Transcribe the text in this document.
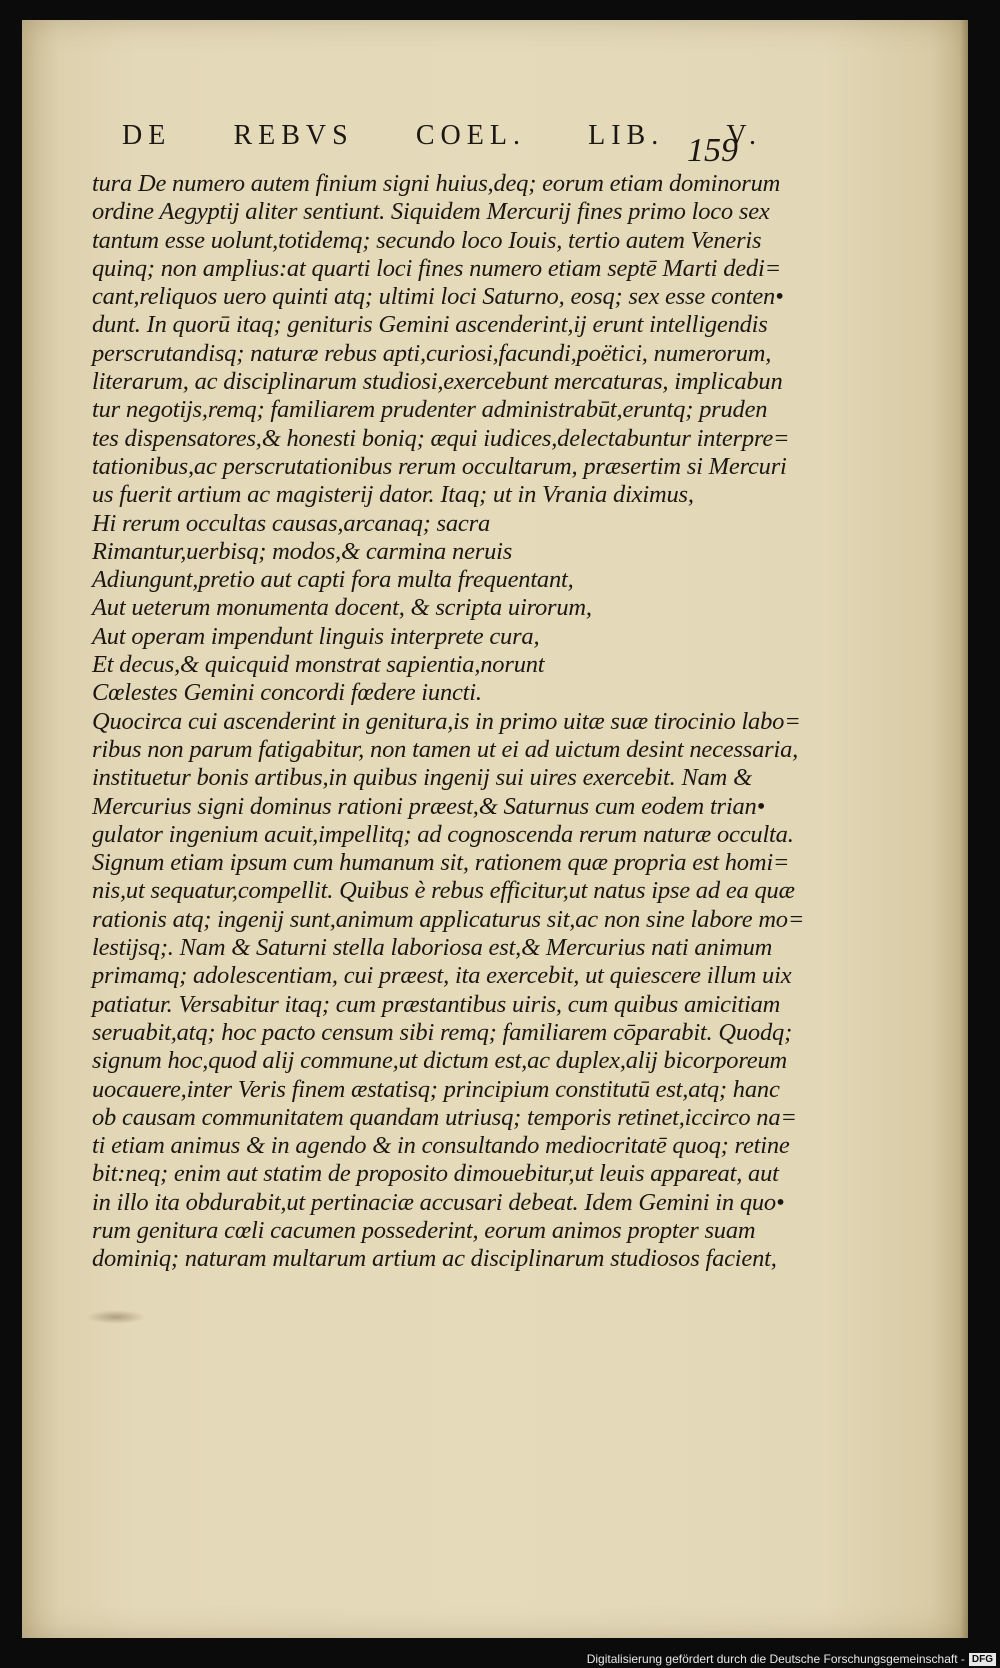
DE REBVS COEL. LIB. V.
159
tura De numero autem finium signi huius,deq; eorum etiam dominorum
ordine Aegyptij aliter sentiunt. Siquidem Mercurij fines primo loco sex
tantum esse uolunt,totidemq; secundo loco Iouis, tertio autem Veneris
quinq; non amplius:at quarti loci fines numero etiam septē Marti dedi=
cant,reliquos uero quinti atq; ultimi loci Saturno, eosq; sex esse conten•
dunt. In quorū itaq; genituris Gemini ascenderint,ij erunt intelligendis
perscrutandisq; naturæ rebus apti,curiosi,facundi,poëtici, numerorum,
literarum, ac disciplinarum studiosi,exercebunt mercaturas, implicabun
tur negotijs,remq; familiarem prudenter administrabūt,eruntq; pruden
tes dispensatores,& honesti boniq; æqui iudices,delectabuntur interpre=
tationibus,ac perscrutationibus rerum occultarum, præsertim si Mercuri
us fuerit artium ac magisterij dator. Itaq; ut in Vrania diximus,
Hi rerum occultas causas,arcanaq; sacra
Rimantur,uerbisq; modos,& carmina neruis
Adiungunt,pretio aut capti fora multa frequentant,
Aut ueterum monumenta docent, & scripta uirorum,
Aut operam impendunt linguis interprete cura,
Et decus,& quicquid monstrat sapientia,norunt
Cœlestes Gemini concordi fœdere iuncti.
Quocirca cui ascenderint in genitura,is in primo uitæ suæ tirocinio labo=
ribus non parum fatigabitur, non tamen ut ei ad uictum desint necessaria,
instituetur bonis artibus,in quibus ingenij sui uires exercebit. Nam &
Mercurius signi dominus rationi præest,& Saturnus cum eodem trian•
gulator ingenium acuit,impellitq; ad cognoscenda rerum naturæ occulta.
Signum etiam ipsum cum humanum sit, rationem quæ propria est homi=
nis,ut sequatur,compellit. Quibus è rebus efficitur,ut natus ipse ad ea quæ
rationis atq; ingenij sunt,animum applicaturus sit,ac non sine labore mo=
lestijsq;. Nam & Saturni stella laboriosa est,& Mercurius nati animum
primamq; adolescentiam, cui præest, ita exercebit, ut quiescere illum uix
patiatur. Versabitur itaq; cum præstantibus uiris, cum quibus amicitiam
seruabit,atq; hoc pacto censum sibi remq; familiarem cōparabit. Quodq;
signum hoc,quod alij commune,ut dictum est,ac duplex,alij bicorporeum
uocauere,inter Veris finem æstatisq; principium constitutū est,atq; hanc
ob causam communitatem quandam utriusq; temporis retinet,iccirco na=
ti etiam animus & in agendo & in consultando mediocritatē quoq; retine
bit:neq; enim aut statim de proposito dimouebitur,ut leuis appareat, aut
in illo ita obdurabit,ut pertinaciæ accusari debeat. Idem Gemini in quo•
rum genitura cœli cacumen possederint, eorum animos propter suam
dominiq; naturam multarum artium ac disciplinarum studiosos facient,
Digitalisierung gefördert durch die Deutsche Forschungsgemeinschaft - DFG
